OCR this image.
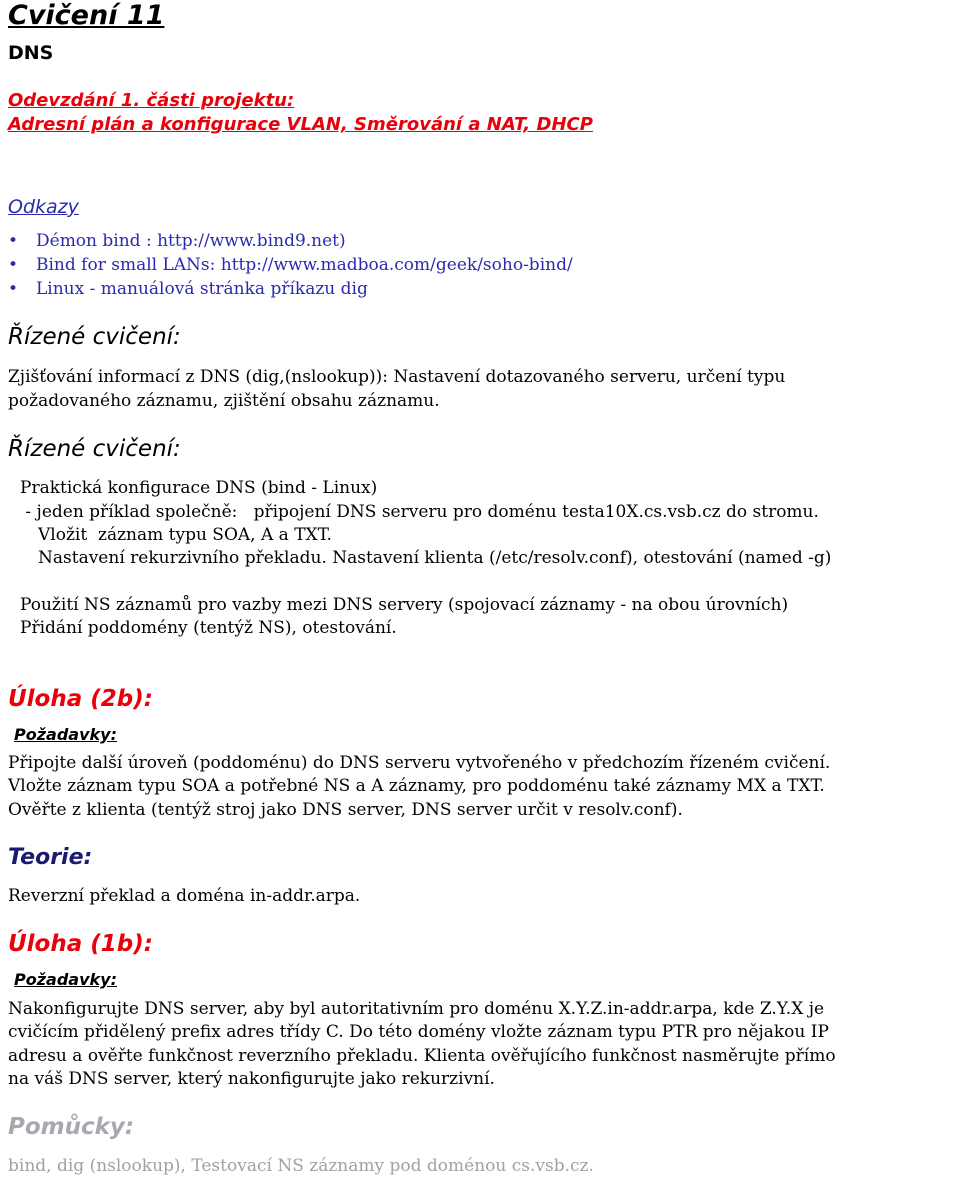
Cvičení 11
DNS
Odevzdání 1. části projektu:
Adresní plán a konfigurace VLAN, Směrování a NAT, DHCP
Odkazy
• Démon bind : http://www.bind9.net)
• Bind for small LANs: http://www.madboa.com/geek/soho-bind/
• Linux - manuálová stránka příkazu dig
Řízené cvičení:
Zjišťování informací z DNS (dig,(nslookup)): Nastavení dotazovaného serveru, určení typu požadovaného záznamu, zjištění obsahu záznamu.
Řízené cvičení:
Praktická konfigurace DNS (bind - Linux)
- jeden příklad společně:   připojení DNS serveru pro doménu testa10X.cs.vsb.cz do stromu.
Vložit  záznam typu SOA, A a TXT.
Nastavení rekurzivního překladu. Nastavení klienta (/etc/resolv.conf), otestování (named -g)
Použití NS záznamů pro vazby mezi DNS servery (spojovací záznamy - na obou úrovních)
Přidání poddomény (tentýž NS), otestování.
Úloha (2b):
Požadavky:
Připojte další úroveň (poddoménu) do DNS serveru vytvořeného v předchozím řízeném cvičení.
Vložte záznam typu SOA a potřebné NS a A záznamy, pro poddoménu také záznamy MX a TXT.
Ověřte z klienta (tentýž stroj jako DNS server, DNS server určit v resolv.conf).
Teorie:
Reverzní překlad a doména in-addr.arpa.
Úloha (1b):
Požadavky:
Nakonfigurujte DNS server, aby byl autoritativním pro doménu X.Y.Z.in-addr.arpa, kde Z.Y.X je
cvičícím přidělený prefix adres třídy C. Do této domény vložte záznam typu PTR pro nějakou IP
adresu a ověřte funkčnost reverzního překladu. Klienta ověřujícího funkčnost nasměrujte přímo
na váš DNS server, který nakonfigurujte jako rekurzivní.
Pomůcky:
bind, dig (nslookup), Testovací NS záznamy pod doménou cs.vsb.cz.
